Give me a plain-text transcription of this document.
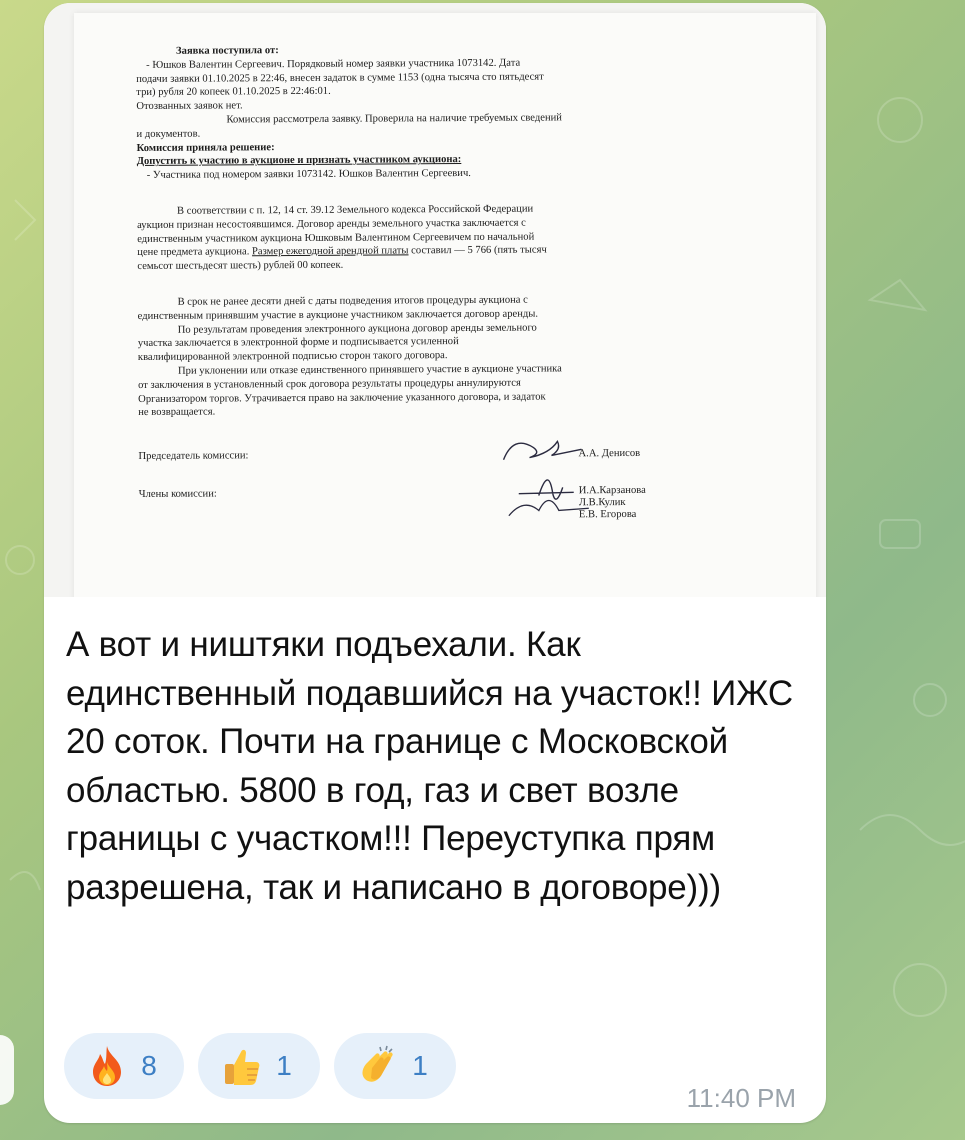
Заявка поступила от:

- Юшков Валентин Сергеевич. Порядковый номер заявки участника 1073142. Дата

подачи заявки 01.10.2025 в 22:46, внесен задаток в сумме 1153 (одна тысяча сто пятьдесят

три) рубля 20 копеек 01.10.2025 в 22:46:01.

Отозванных заявок нет.

Комиссия рассмотрела заявку. Проверила на наличие требуемых сведений

и документов.

Комиссия приняла решение:

Допустить к участию в аукционе и признать участником аукциона:

- Участника под номером заявки 1073142. Юшков Валентин Сергеевич.

В соответствии с п. 12, 14 ст. 39.12 Земельного кодекса Российской Федерации

аукцион признан несостоявшимся. Договор аренды земельного участка заключается с

единственным участником аукциона Юшковым Валентином Сергеевичем по начальной

цене предмета аукциона. Размер ежегодной арендной платы составил — 5 766 (пять тысяч

семьсот шестьдесят шесть) рублей 00 копеек.

В срок не ранее десяти дней с даты подведения итогов процедуры аукциона с

единственным принявшим участие в аукционе участником заключается договор аренды.

По результатам проведения электронного аукциона договор аренды земельного

участка заключается в электронной форме и подписывается усиленной

квалифицированной электронной подписью сторон такого договора.

При уклонении или отказе единственного принявшего участие в аукционе участника

от заключения в установленный срок договора результаты процедуры аннулируются

Организатором торгов. Утрачивается право на заключение указанного договора, и задаток

не возвращается.

Председатель комиссии:	А.А. Денисов
Члены комиссии:	И.А.Карзанова
Л.В.Кулик
Е.В. Егорова
А вот и ништяки подъехали. Как единственный подавшийся на участок!! ИЖС 20 соток. Почти на границе с Московской областью. 5800 в год, газ и свет возле границы с участком!!! Переуступка прям разрешена, так и написано в договоре)))
8	1	1
11:40 PM
